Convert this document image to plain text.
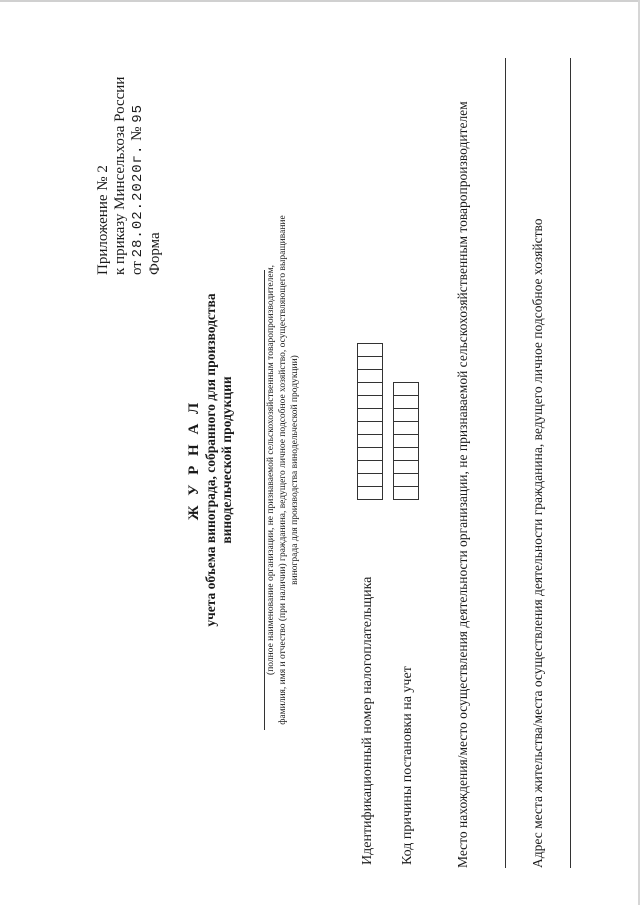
Приложение № 2 к приказу Минсельхоза России от 28.02.2020г. № 95
Форма
Ж У Р Н А Л учета объема винограда, собранного для производства винодельческой продукции	(полное наименование организации, не признаваемой сельскохозяйственным товаропроизводителем, фамилия, имя и отчество (при наличии) гражданина, ведущего личное подсобное хозяйство, осуществляющего выращивание винограда для производства винодельческой продукции)
Идентификационный номер налогоплательщика Код причины постановки на учет	Место нахождения/место осуществления деятельности организации, не признаваемой сельскохозяйственным товаропроизводителем	Адрес места жительства/места осуществления деятельности гражданина, ведущего личное подсобное хозяйство
